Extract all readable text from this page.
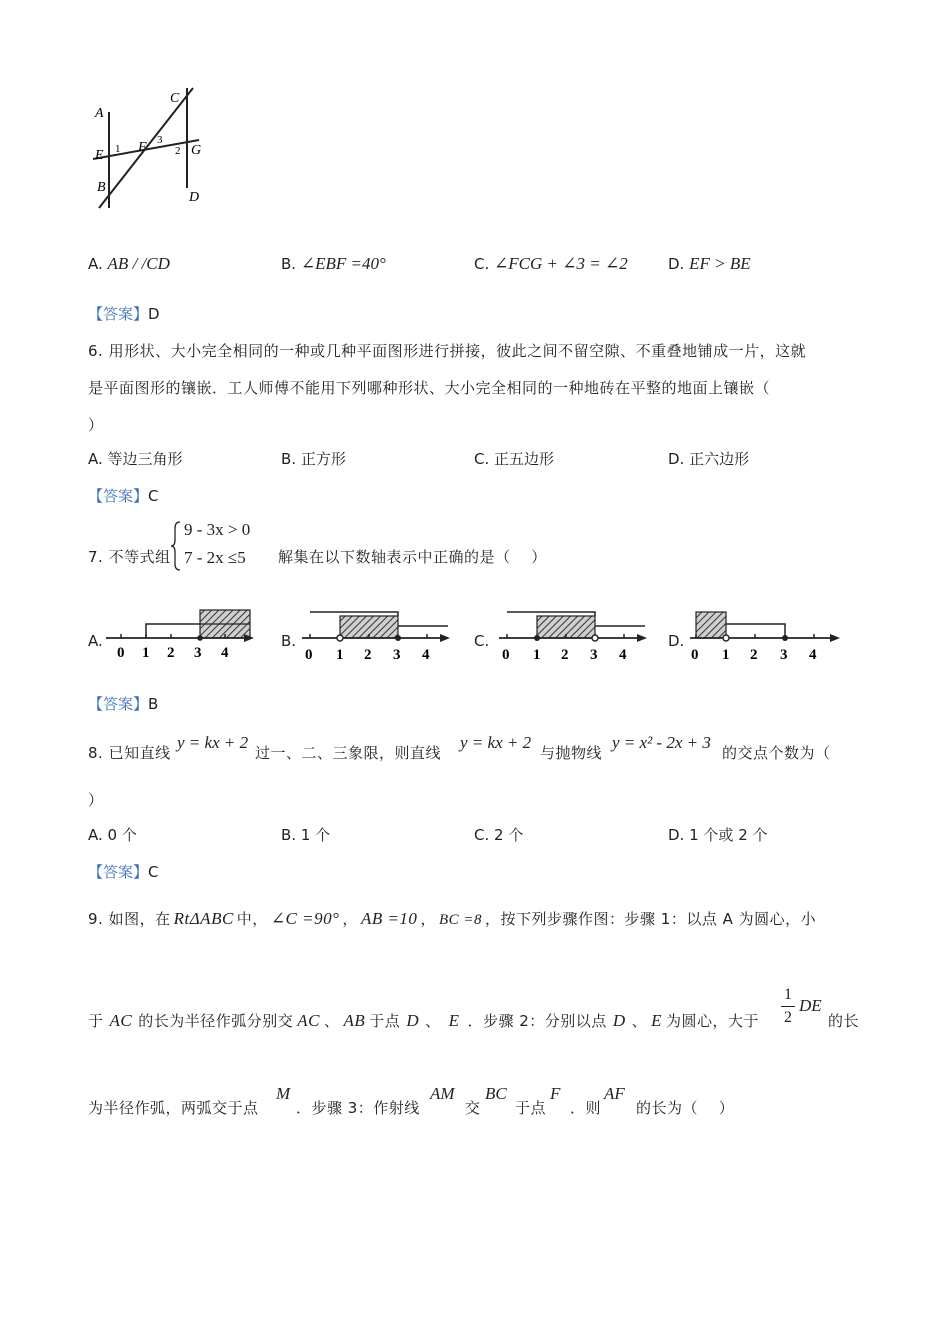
A
C
E 1 F 3
2 G
B
D
A. AB / /CD	B. ∠EBF =40°	C. ∠FCG + ∠3 = ∠2	D. EF > BE
【答案】D
6. 用形状、大小完全相同的一种或几种平面图形进行拼接，彼此之间不留空隙、不重叠地铺成一片，这就
是平面图形的镶嵌．工人师傅不能用下列哪种形状、大小完全相同的一种地砖在平整的地面上镶嵌（
）
A. 等边三角形	B. 正方形	C. 正五边形	D. 正六边形
【答案】C
7. 不等式组
9 - 3x > 0
7 - 2x ≤5 解集在以下数轴表示中正确的是（　 ）
A.
0 1 2 3 4
B.
0 1 2 3 4
C.
0 1 2 3 4
D.
0 1 2 3 4
【答案】B
8. 已知直线
y = kx + 2
过一、二、三象限，则直线
y = kx + 2
与抛物线
y = x² - 2x + 3
的交点个数为（
）
A. 0 个	B. 1 个	C. 2 个	D. 1 个或 2 个
【答案】C
9. 如图，在 RtΔABC 中， ∠C =90° ， AB =10 ， BC =8 ，按下列步骤作图：步骤 1：以点 A 为圆心，小
于 AC 的长为半径作弧分别交 AC 、 AB 于点 D 、 E ．步骤 2：分别以点 D 、 E 为圆心，大于
1
2
DE
的长
为半径作弧，两弧交于点
M
．步骤 3：作射线
AM
交
BC
于点
F
．则
AF
的长为（　 ）
